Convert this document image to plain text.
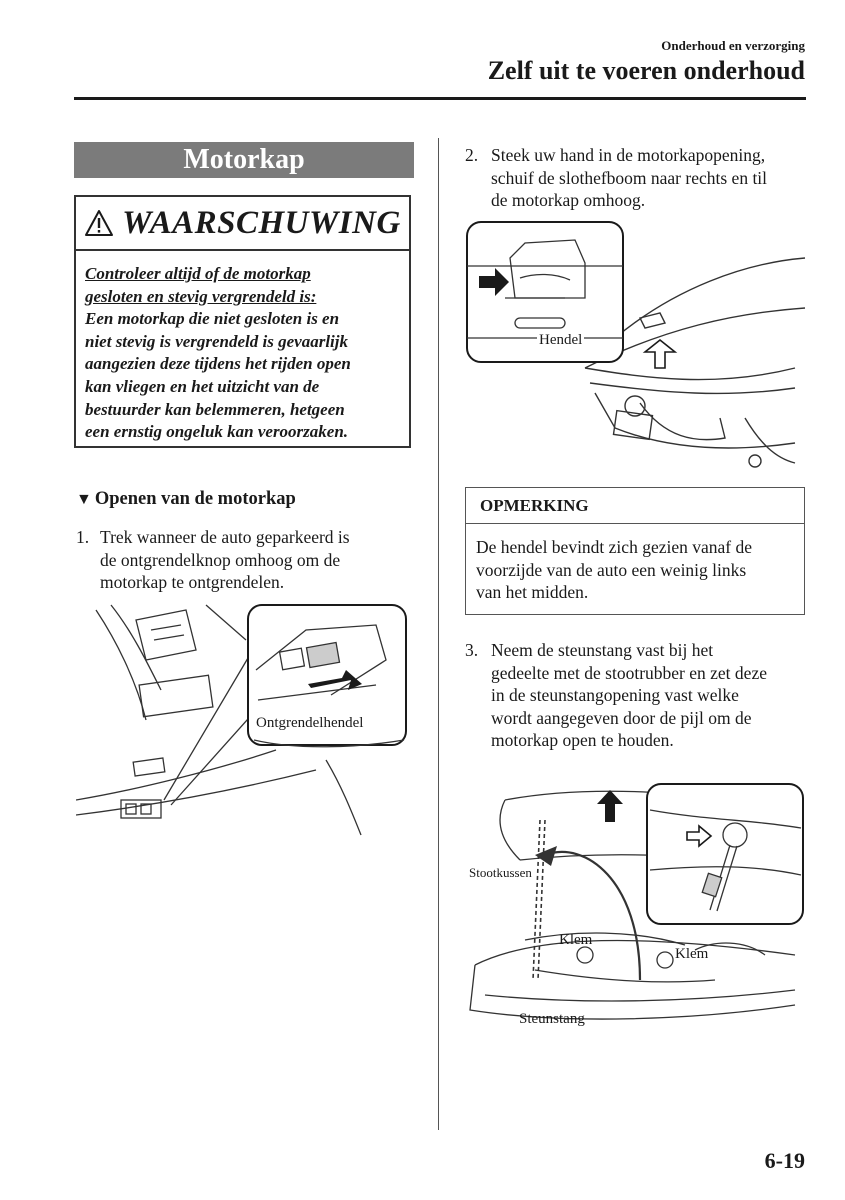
Onderhoud en verzorging
Zelf uit te voeren onderhoud
Motorkap
WAARSCHUWING
Controleer altijd of de motorkap
gesloten en stevig vergrendeld is:
Een motorkap die niet gesloten is en
niet stevig is vergrendeld is gevaarlijk
aangezien deze tijdens het rijden open
kan vliegen en het uitzicht van de
bestuurder kan belemmeren, hetgeen
een ernstig ongeluk kan veroorzaken.
▼ Openen van de motorkap
1. Trek wanneer de auto geparkeerd is
de ontgrendelknop omhoog om de
motorkap te ontgrendelen.
Ontgrendelhendel
2. Steek uw hand in de motorkapopening,
schuif de slothefboom naar rechts en til
de motorkap omhoog.
Hendel
OPMERKING
De hendel bevindt zich gezien vanaf de
voorzijde van de auto een weinig links
van het midden.
3. Neem de steunstang vast bij het
gedeelte met de stootrubber en zet deze
in de steunstangopening vast welke
wordt aangegeven door de pijl om de
motorkap open te houden.
Stootkussen
Klem
Klem
Steunstang
6-19
